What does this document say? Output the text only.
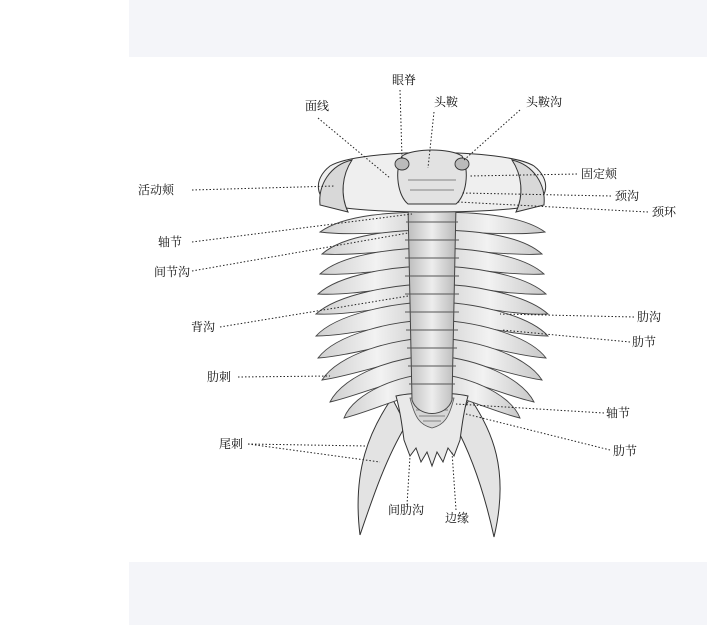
眼脊
面线	头鞍	头鞍沟
活动颊
固定颊
颈沟
颈环
轴节
间节沟
背沟
肋沟
肋节
肋刺
轴节
尾刺	肋节
间肋沟
边缘
